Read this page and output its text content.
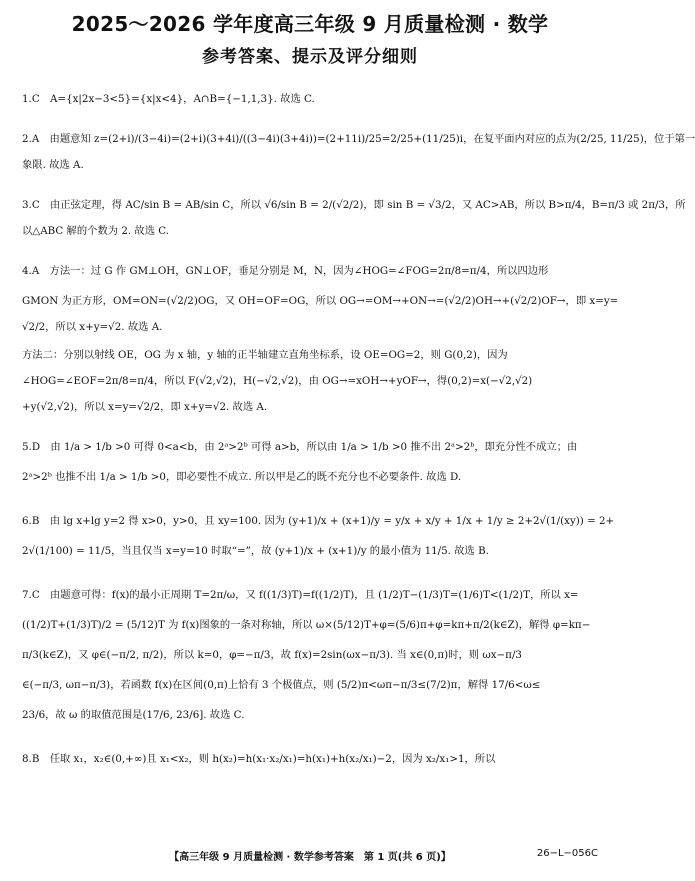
2025～2026 学年度高三年级 9 月质量检测 · 数学
参考答案、提示及评分细则
1.C　A={x|2x−3<5}={x|x<4}，A∩B={−1,1,3}. 故选 C.
2.A　由题意知 z=(2+i)/(3−4i)=(2+i)(3+4i)/((3−4i)(3+4i))=(2+11i)/25=2/25+(11/25)i，在复平面内对应的点为(2/25, 11/25)，位于第一
象限. 故选 A.
3.C　由正弦定理，得 AC/sin B = AB/sin C，所以 √6/sin B = 2/(√2/2)，即 sin B = √3/2，又 AC>AB，所以 B>π/4，B=π/3 或 2π/3，所
以△ABC 解的个数为 2. 故选 C.
4.A　方法一：过 G 作 GM⊥OH，GN⊥OF，垂足分别是 M，N，因为∠HOG=∠FOG=2π/8=π/4，所以四边形
GMON 为正方形，OM=ON=(√2/2)OG，又 OH=OF=OG，所以 OG→=OM→+ON→=(√2/2)OH→+(√2/2)OF→，即 x=y=
√2/2，所以 x+y=√2. 故选 A.
方法二：分别以射线 OE，OG 为 x 轴，y 轴的正半轴建立直角坐标系，设 OE=OG=2，则 G(0,2)，因为
∠HOG=∠EOF=2π/8=π/4，所以 F(√2,√2)，H(−√2,√2)，由 OG→=xOH→+yOF→，得(0,2)=x(−√2,√2)
+y(√2,√2)，所以 x=y=√2/2，即 x+y=√2. 故选 A.
5.D　由 1/a > 1/b >0 可得 0<a<b，由 2ᵃ>2ᵇ 可得 a>b，所以由 1/a > 1/b >0 推不出 2ᵃ>2ᵇ，即充分性不成立；由
2ᵃ>2ᵇ 也推不出 1/a > 1/b >0，即必要性不成立. 所以甲是乙的既不充分也不必要条件. 故选 D.
6.B　由 lg x+lg y=2 得 x>0，y>0，且 xy=100. 因为 (y+1)/x + (x+1)/y = y/x + x/y + 1/x + 1/y ≥ 2+2√(1/(xy)) = 2+
2√(1/100) = 11/5，当且仅当 x=y=10 时取“=”，故 (y+1)/x + (x+1)/y 的最小值为 11/5. 故选 B.
7.C　由题意可得：f(x)的最小正周期 T=2π/ω，又 f((1/3)T)=f((1/2)T)，且 (1/2)T−(1/3)T=(1/6)T<(1/2)T，所以 x=
((1/2)T+(1/3)T)/2 = (5/12)T 为 f(x)图象的一条对称轴，所以 ω×(5/12)T+φ=(5/6)π+φ=kπ+π/2(k∈Z)，解得 φ=kπ−
π/3(k∈Z)，又 φ∈(−π/2, π/2)，所以 k=0，φ=−π/3，故 f(x)=2sin(ωx−π/3). 当 x∈(0,π)时，则 ωx−π/3
∈(−π/3, ωπ−π/3)，若函数 f(x)在区间(0,π)上恰有 3 个极值点，则 (5/2)π<ωπ−π/3≤(7/2)π，解得 17/6<ω≤
23/6，故 ω 的取值范围是(17/6, 23/6]. 故选 C.
8.B　任取 x₁，x₂∈(0,+∞)且 x₁<x₂，则 h(x₂)=h(x₁·x₂/x₁)=h(x₁)+h(x₂/x₁)−2，因为 x₂/x₁>1，所以
【高三年级 9 月质量检测 · 数学参考答案　第 1 页(共 6 页)】	26−L−056C
